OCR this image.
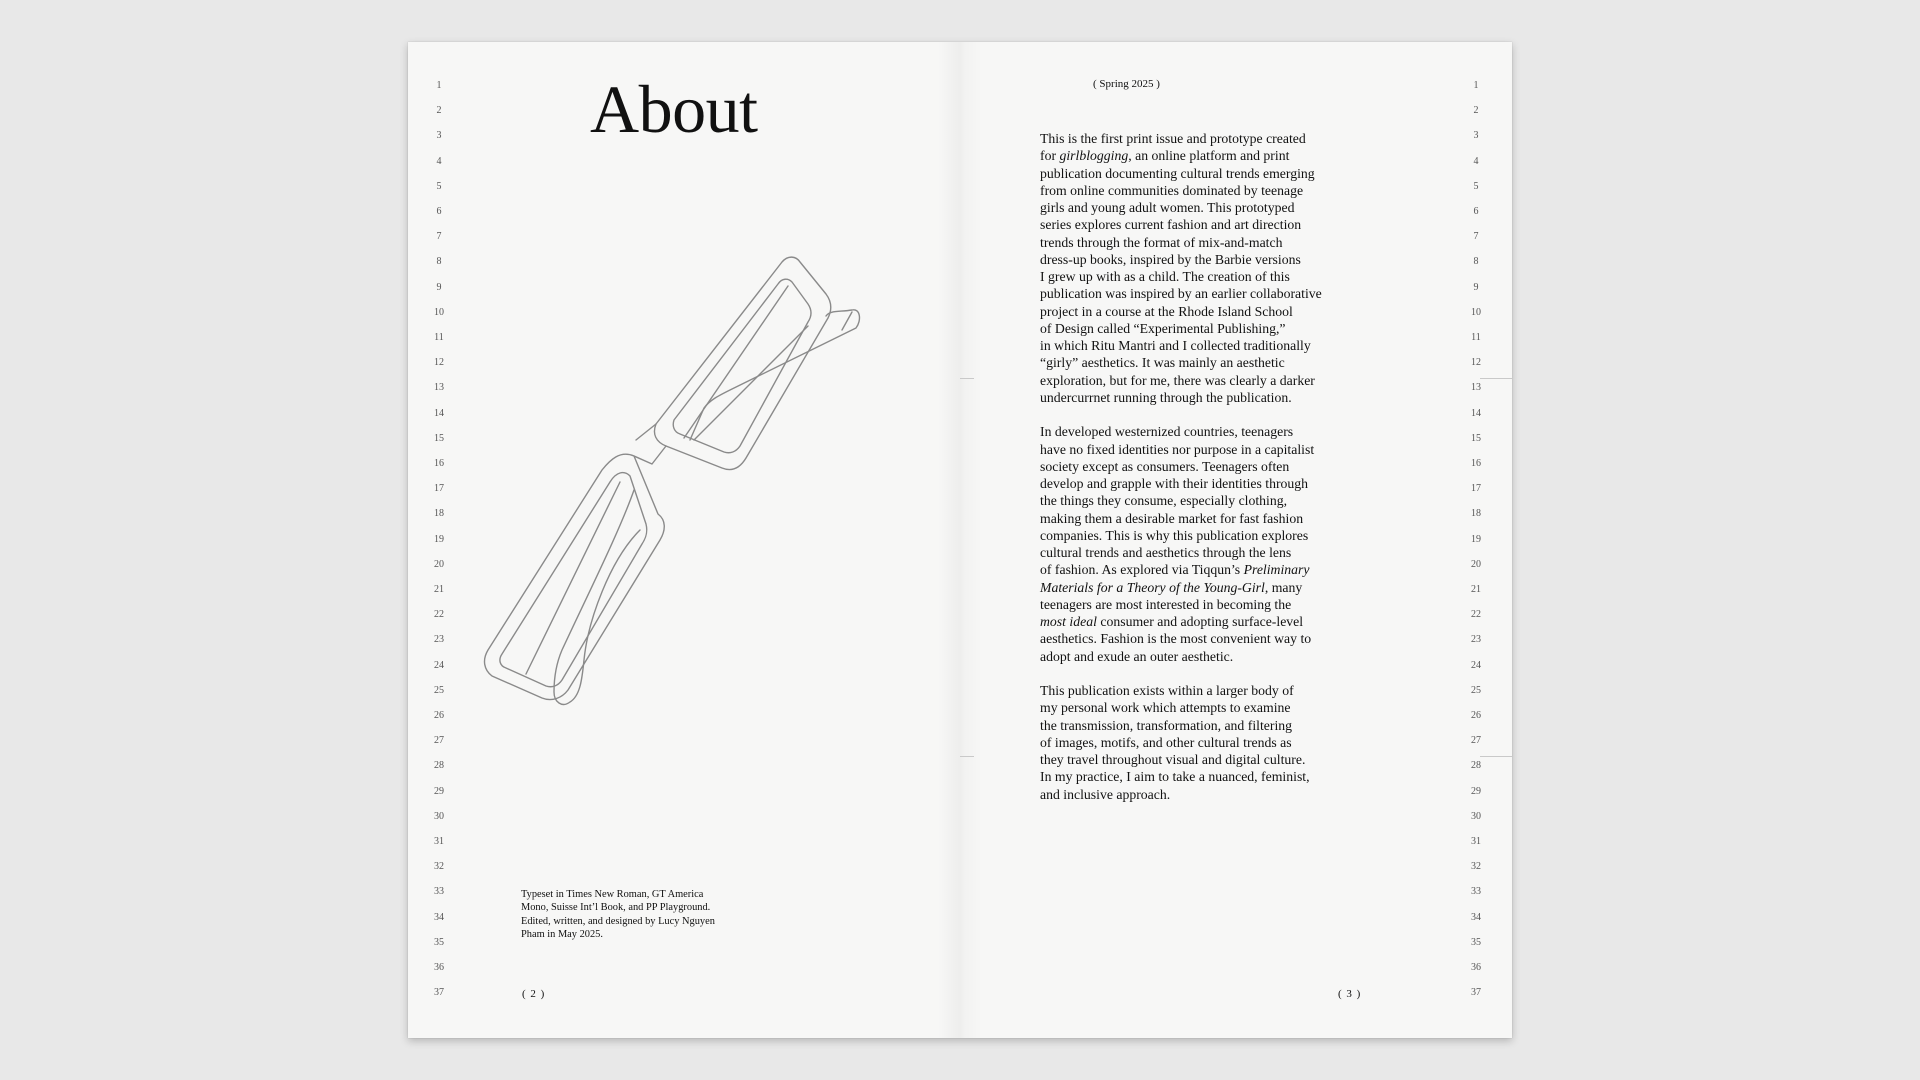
1
2
3
4
5
6
7
8
9
10
11
12
13
14
15
16
17
18
19
20
21
22
23
24
25
26
27
28
29
30
31
32
33
34
35
36
37
1
2
3
4
5
6
7
8
9
10
11
12
13
14
15
16
17
18
19
20
21
22
23
24
25
26
27
28
29
30
31
32
33
34
35
36
37
About
Typeset in Times New Roman, GT America
Mono, Suisse Int’l Book, and PP Playground.
Edited, written, and designed by Lucy Nguyen
Pham in May 2025.
( 2 )	( 3 )
( Spring 2025 )

This is the first print issue and prototype created
for girlblogging, an online platform and print
publication documenting cultural trends emerging
from online communities dominated by teenage
girls and young adult women. This prototyped
series explores current fashion and art direction
trends through the format of mix-and-match
dress-up books, inspired by the Barbie versions
I grew up with as a child. The creation of this
publication was inspired by an earlier collaborative
project in a course at the Rhode Island School
of Design called “Experimental Publishing,”
in which Ritu Mantri and I collected traditionally
“girly” aesthetics. It was mainly an aesthetic
exploration, but for me, there was clearly a darker
undercurrnet running through the publication.

In developed westernized countries, teenagers
have no fixed identities nor purpose in a capitalist
society except as consumers. Teenagers often
develop and grapple with their identities through
the things they consume, especially clothing,
making them a desirable market for fast fashion
companies. This is why this publication explores
cultural trends and aesthetics through the lens
of fashion. As explored via Tiqqun’s Preliminary
Materials for a Theory of the Young-Girl, many
teenagers are most interested in becoming the
most ideal consumer and adopting surface-level
aesthetics. Fashion is the most convenient way to
adopt and exude an outer aesthetic.

This publication exists within a larger body of
my personal work which attempts to examine
the transmission, transformation, and filtering
of images, motifs, and other cultural trends as
they travel throughout visual and digital culture.
In my practice, I aim to take a nuanced, feminist,
and inclusive approach.
